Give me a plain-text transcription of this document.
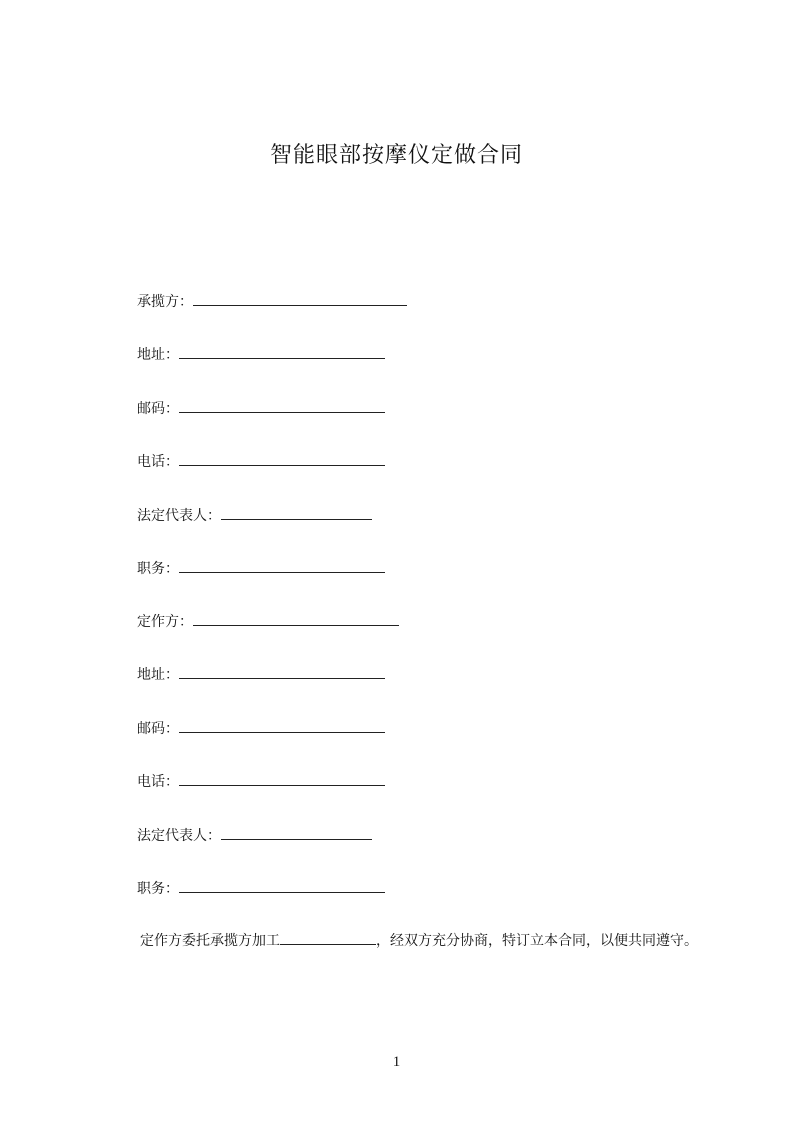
智能眼部按摩仪定做合同
承揽方：
地址：
邮码：
电话：
法定代表人：
职务：
定作方：
地址：
邮码：
电话：
法定代表人：
职务：
定作方委托承揽方加工	，经双方充分协商，特订立本合同，以便共同遵守。
1
